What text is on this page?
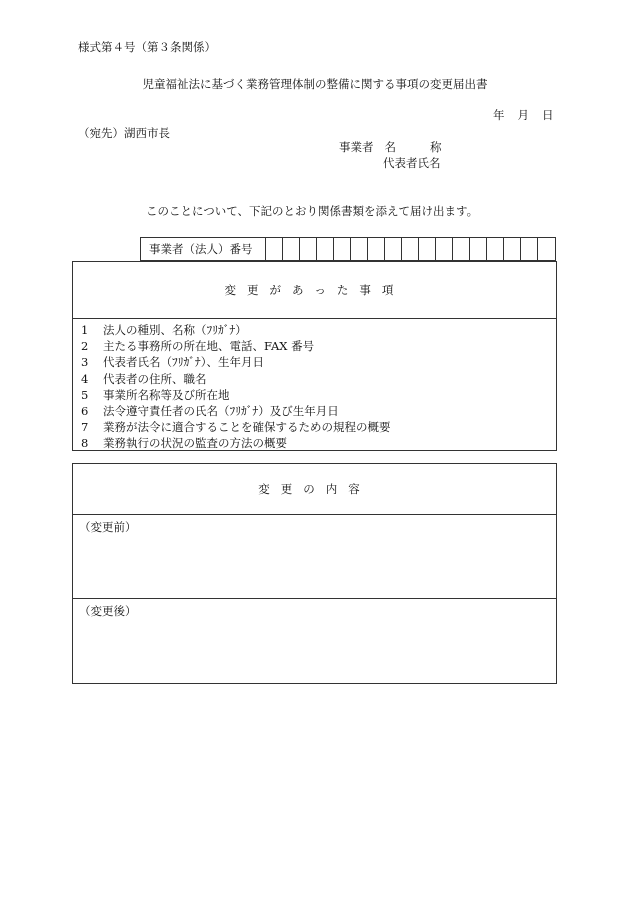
様式第４号（第３条関係）
児童福祉法に基づく業務管理体制の整備に関する事項の変更届出書
年 月 日
（宛先）湖西市長
事業者 名	称
代表者氏名
このことについて、下記のとおり関係書類を添えて届け出ます。
事業者（法人）番号
変更があった事項
1	法人の種別、名称（ﾌﾘｶﾞﾅ）
2	主たる事務所の所在地、電話、FAX 番号
3	代表者氏名（ﾌﾘｶﾞﾅ）、生年月日
4	代表者の住所、職名
5	事業所名称等及び所在地
6	法令遵守責任者の氏名（ﾌﾘｶﾞﾅ）及び生年月日
7	業務が法令に適合することを確保するための規程の概要
8	業務執行の状況の監査の方法の概要
変更の内容
（変更前）
（変更後）
